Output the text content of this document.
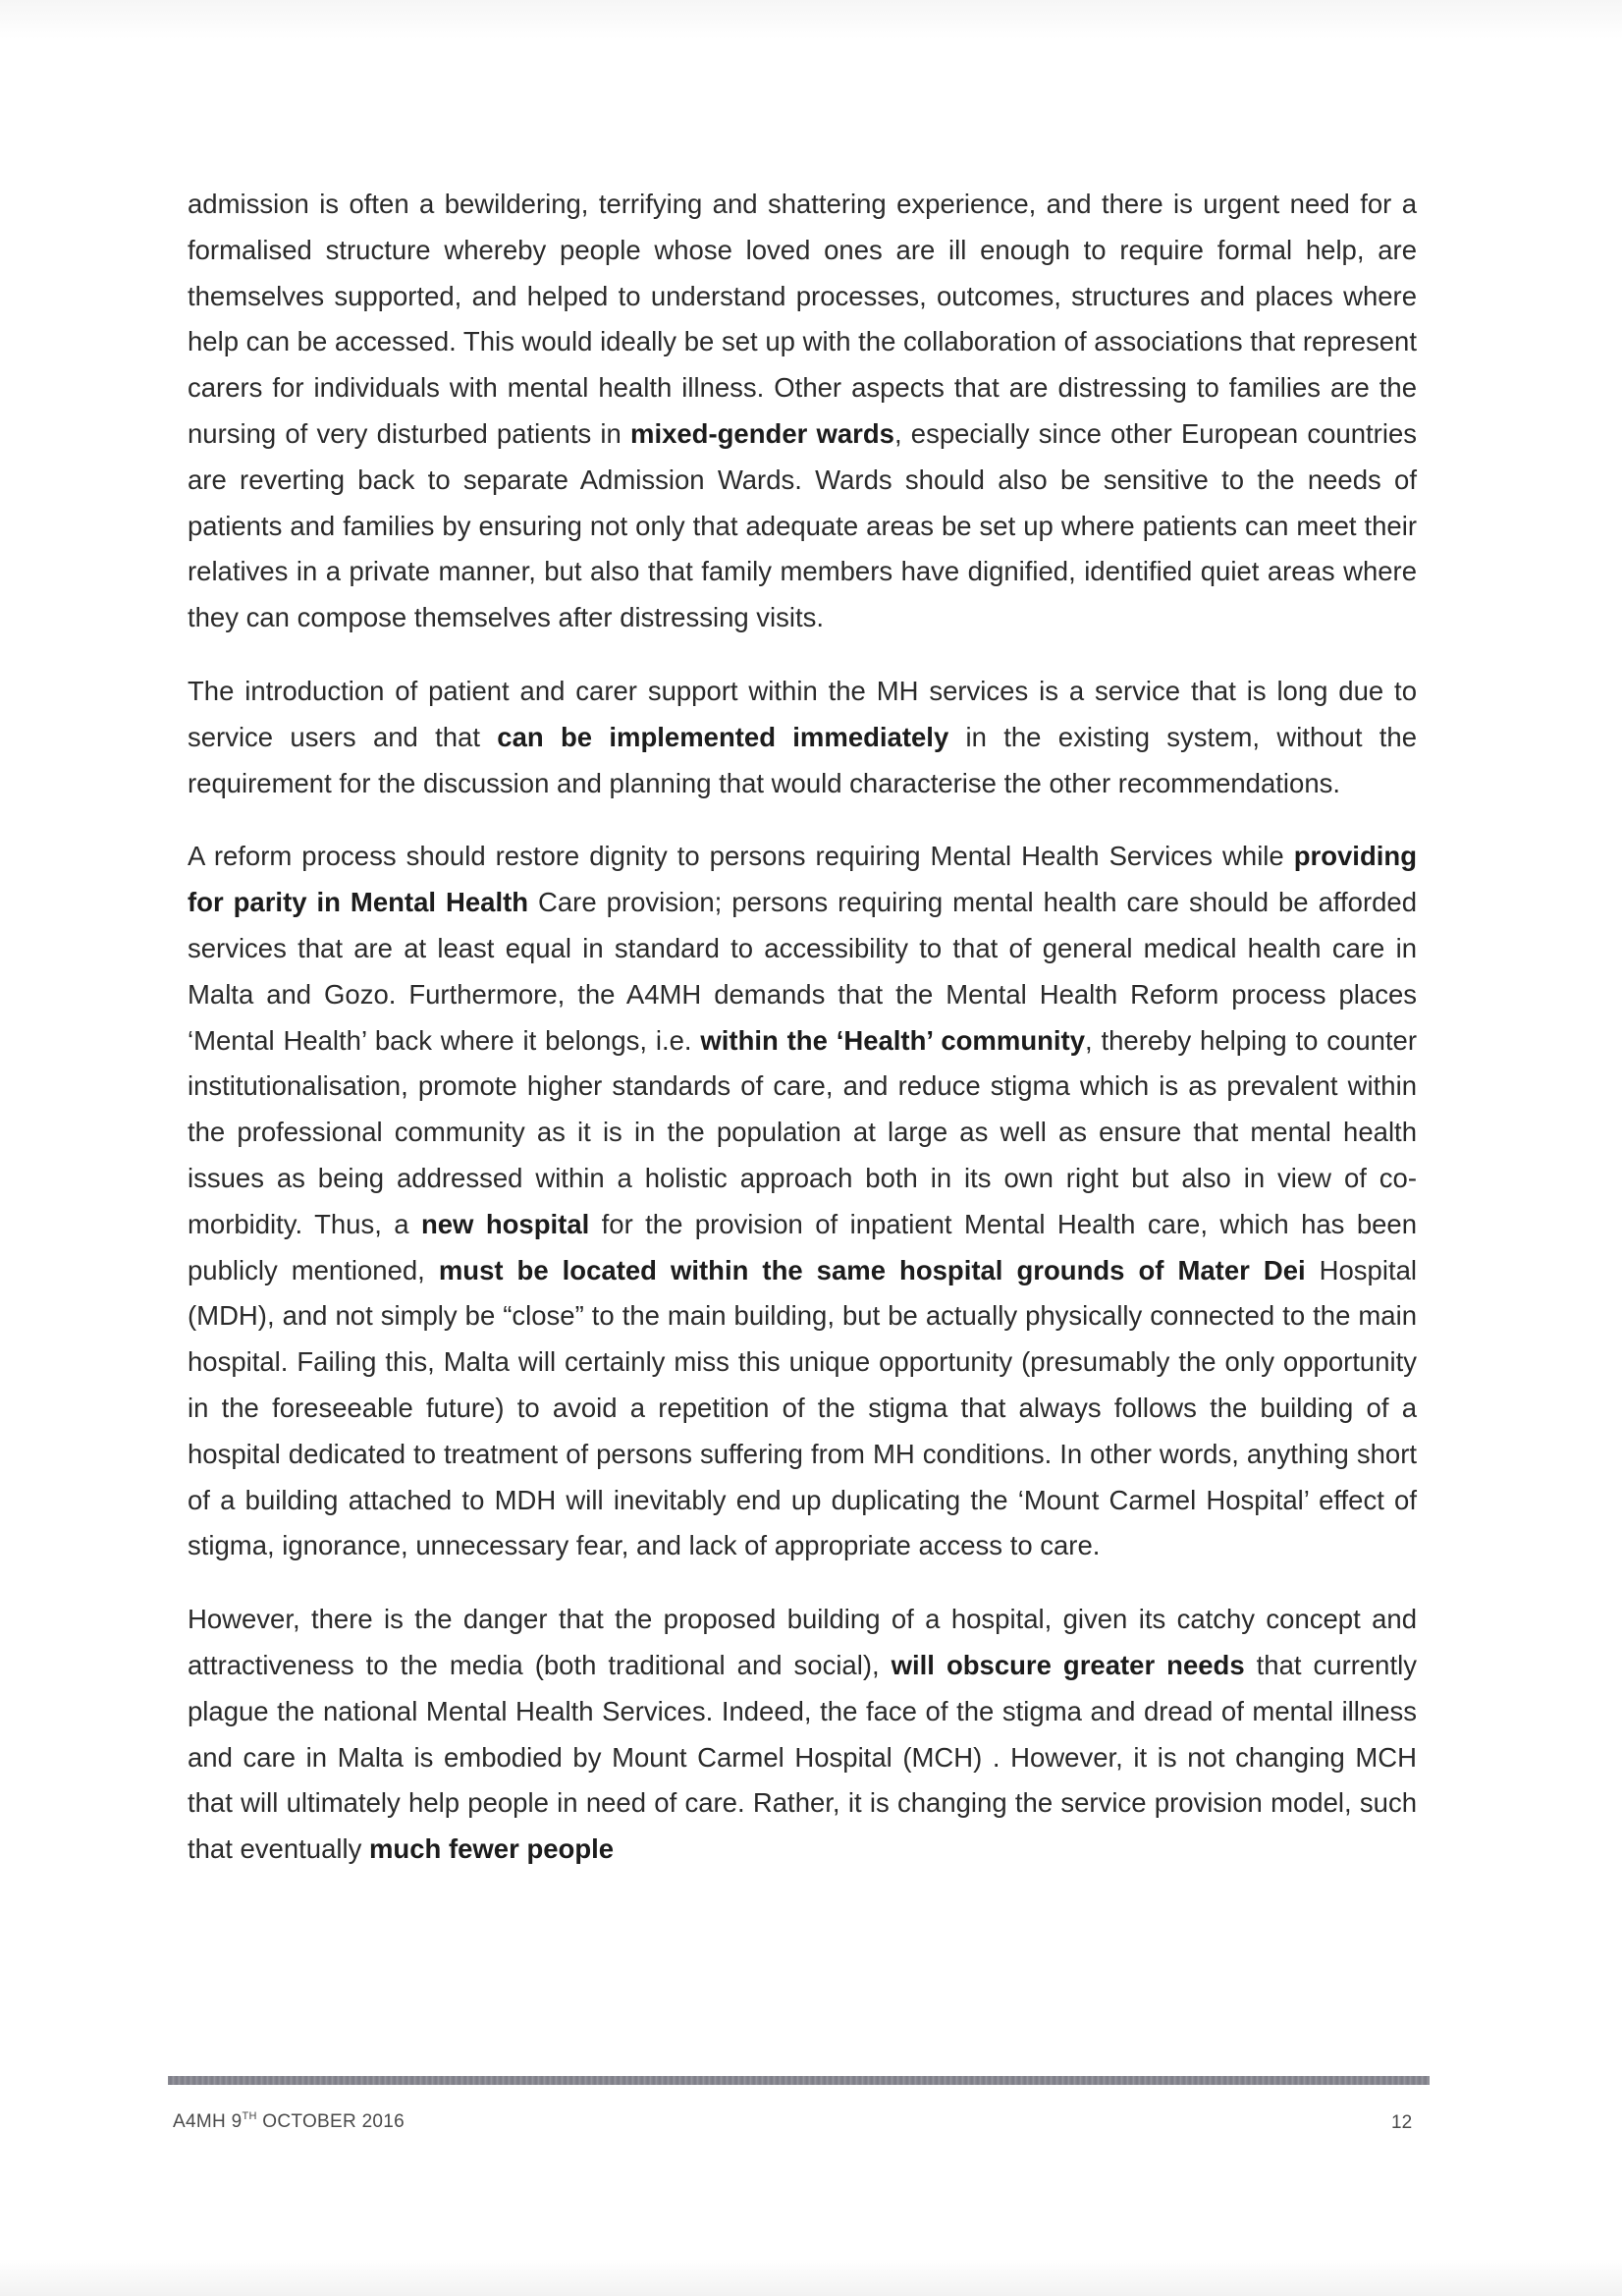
admission is often a bewildering, terrifying and shattering experience, and there is urgent need for a formalised structure whereby people whose loved ones are ill enough to require formal help, are themselves supported, and helped to understand processes, outcomes, structures and places where help can be accessed. This would ideally be set up with the collaboration of associations that represent carers for individuals with mental health illness. Other aspects that are distressing to families are the nursing of very disturbed patients in mixed-gender wards, especially since other European countries are reverting back to separate Admission Wards. Wards should also be sensitive to the needs of patients and families by ensuring not only that adequate areas be set up where patients can meet their relatives in a private manner, but also that family members have dignified, identified quiet areas where they can compose themselves after distressing visits.

The introduction of patient and carer support within the MH services is a service that is long due to service users and that can be implemented immediately in the existing system, without the requirement for the discussion and planning that would characterise the other recommendations.

A reform process should restore dignity to persons requiring Mental Health Services while providing for parity in Mental Health Care provision; persons requiring mental health care should be afforded services that are at least equal in standard to accessibility to that of general medical health care in Malta and Gozo. Furthermore, the A4MH demands that the Mental Health Reform process places ‘Mental Health’ back where it belongs, i.e. within the ‘Health’ community, thereby helping to counter institutionalisation, promote higher standards of care, and reduce stigma which is as prevalent within the professional community as it is in the population at large as well as ensure that mental health issues as being addressed within a holistic approach both in its own right but also in view of co-morbidity. Thus, a new hospital for the provision of inpatient Mental Health care, which has been publicly mentioned, must be located within the same hospital grounds of Mater Dei Hospital (MDH), and not simply be “close” to the main building, but be actually physically connected to the main hospital. Failing this, Malta will certainly miss this unique opportunity (presumably the only opportunity in the foreseeable future) to avoid a repetition of the stigma that always follows the building of a hospital dedicated to treatment of persons suffering from MH conditions. In other words, anything short of a building attached to MDH will inevitably end up duplicating the ‘Mount Carmel Hospital’ effect of stigma, ignorance, unnecessary fear, and lack of appropriate access to care.

However, there is the danger that the proposed building of a hospital, given its catchy concept and attractiveness to the media (both traditional and social), will obscure greater needs that currently plague the national Mental Health Services. Indeed, the face of the stigma and dread of mental illness and care in Malta is embodied by Mount Carmel Hospital (MCH) . However, it is not changing MCH that will ultimately help people in need of care. Rather, it is changing the service provision model, such that eventually much fewer people

A4MH 9TH OCTOBER 2016	12
